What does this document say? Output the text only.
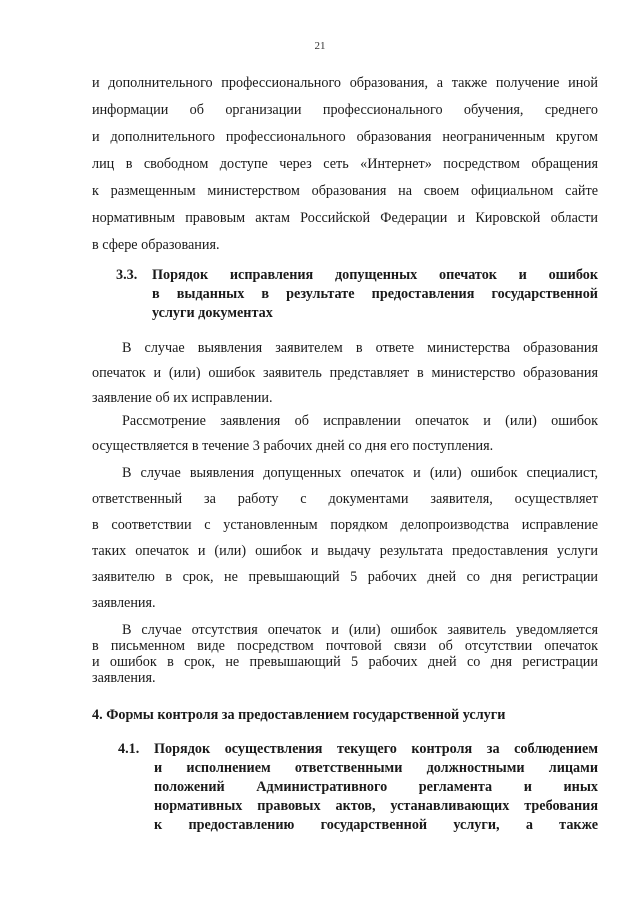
21
и дополнительного профессионального образования, а также получение иной
информации об организации профессионального обучения, среднего
и дополнительного профессионального образования неограниченным кругом
лиц в свободном доступе через сеть «Интернет» посредством обращения
к размещенным министерством образования на своем официальном сайте
нормативным правовым актам Российской Федерации и Кировской области
в сфере образования.
3.3. Порядок исправления допущенных опечаток и ошибок
в выданных в результате предоставления государственной
услуги документах
В случае выявления заявителем в ответе министерства образования
опечаток и (или) ошибок заявитель представляет в министерство образования
заявление об их исправлении.
Рассмотрение заявления об исправлении опечаток и (или) ошибок
осуществляется в течение 3 рабочих дней со дня его поступления.
В случае выявления допущенных опечаток и (или) ошибок специалист,
ответственный за работу с документами заявителя, осуществляет
в соответствии с установленным порядком делопроизводства исправление
таких опечаток и (или) ошибок и выдачу результата предоставления услуги
заявителю в срок, не превышающий 5 рабочих дней со дня регистрации
заявления.
В случае отсутствия опечаток и (или) ошибок заявитель уведомляется
в письменном виде посредством почтовой связи об отсутствии опечаток
и ошибок в срок, не превышающий 5 рабочих дней со дня регистрации
заявления.
4. Формы контроля за предоставлением государственной услуги
4.1. Порядок осуществления текущего контроля за соблюдением
и исполнением ответственными должностными лицами
положений Административного регламента и иных
нормативных правовых актов, устанавливающих требования
к предоставлению государственной услуги, а также
